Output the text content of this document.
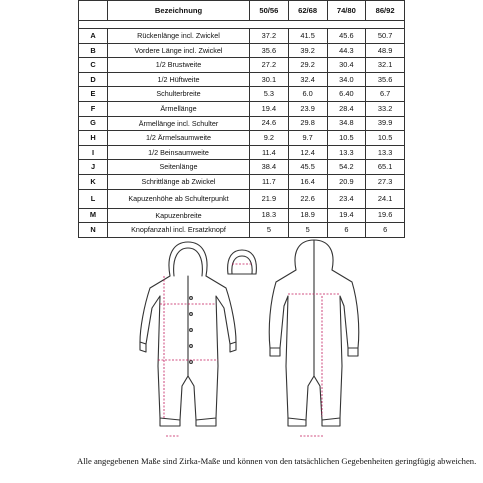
	Bezeichnung	50/56	62/68	74/80	86/92

A	Rückenlänge incl. Zwickel	37.2	41.5	45.6	50.7
B	Vordere Länge incl. Zwickel	35.6	39.2	44.3	48.9
C	1/2 Brustweite	27.2	29.2	30.4	32.1
D	1/2 Hüftweite	30.1	32.4	34.0	35.6
E	Schulterbreite	5.3	6.0	6.40	6.7
F	Ärmellänge	19.4	23.9	28.4	33.2
G	Ärmellänge incl. Schulter	24.6	29.8	34.8	39.9
H	1/2 Ärmelsaumweite	9.2	9.7	10.5	10.5
I	1/2 Beinsaumweite	11.4	12.4	13.3	13.3
J	Seitenlänge	38.4	45.5	54.2	65.1
K	Schrittlänge ab Zwickel	11.7	16.4	20.9	27.3
L	Kapuzenhöhe ab Schulterpunkt	21.9	22.6	23.4	24.1
M	Kapuzenbreite	18.3	18.9	19.4	19.6
N	Knopfanzahl incl. Ersatzknopf	5	5	6	6
Alle angegebenen Maße sind Zirka-Maße und können von den tatsächlichen Gegebenheiten geringfügig abweichen.
